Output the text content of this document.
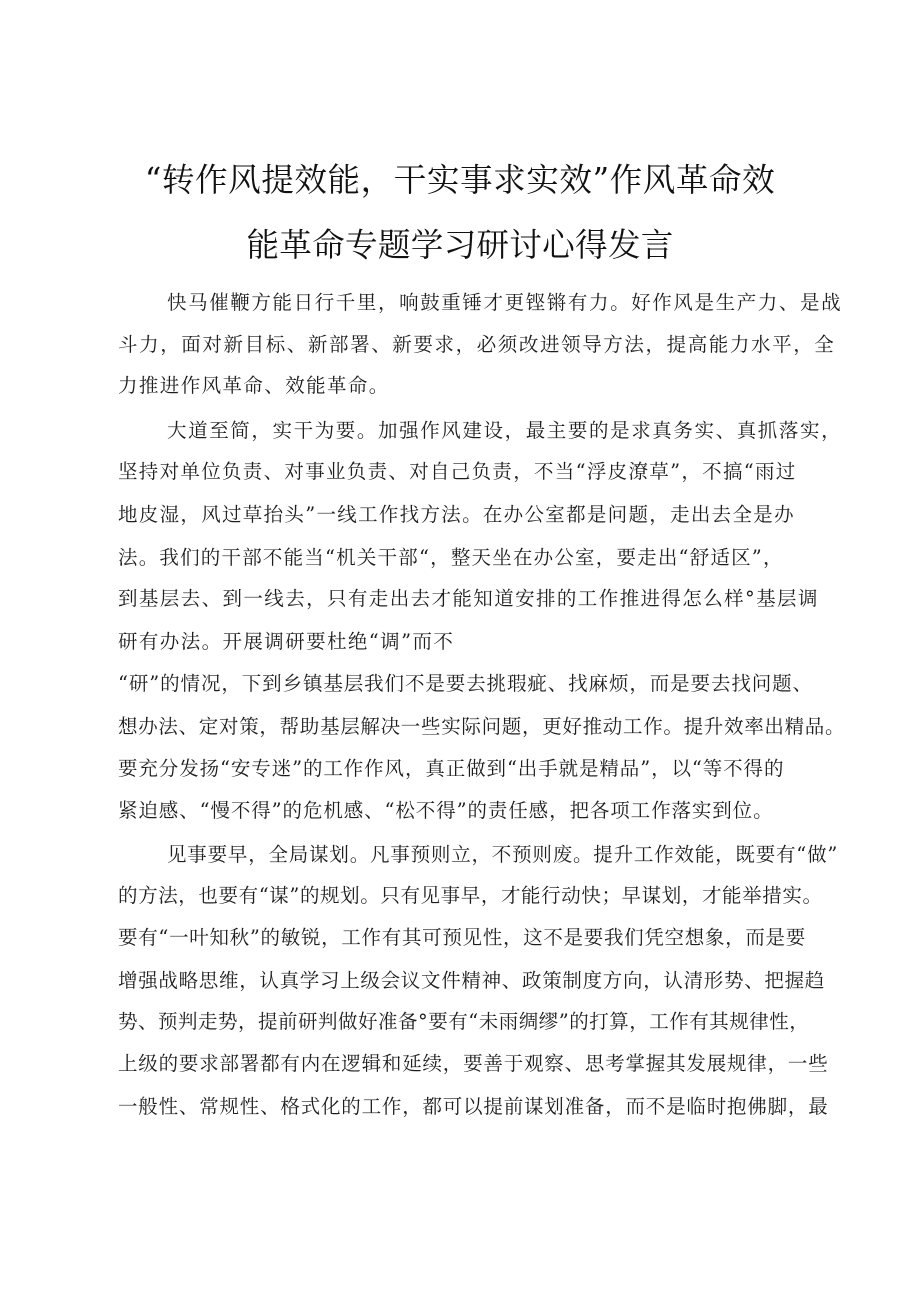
“转作风提效能，干实事求实效”作风革命效
能革命专题学习研讨心得发言
快马催鞭方能日行千里，响鼓重锤才更铿锵有力。好作风是生产力、是战
斗力，面对新目标、新部署、新要求，必须改进领导方法，提高能力水平，全
力推进作风革命、效能革命。
大道至简，实干为要。加强作风建设，最主要的是求真务实、真抓落实，
坚持对单位负责、对事业负责、对自己负责，不当“浮皮潦草”，不搞“雨过
地皮湿，风过草抬头”一线工作找方法。在办公室都是问题，走出去全是办
法。我们的干部不能当“机关干部“，整天坐在办公室，要走出“舒适区”，
到基层去、到一线去，只有走出去才能知道安排的工作推进得怎么样°基层调
研有办法。开展调研要杜绝“调”而不
“研”的情况，下到乡镇基层我们不是要去挑瑕疵、找麻烦，而是要去找问题、
想办法、定对策，帮助基层解决一些实际问题，更好推动工作。提升效率出精品。
要充分发扬“安专迷”的工作作风，真正做到“出手就是精品”，以“等不得的
紧迫感、“慢不得”的危机感、“松不得”的责任感，把各项工作落实到位。
见事要早，全局谋划。凡事预则立，不预则废。提升工作效能，既要有“做”
的方法，也要有“谋”的规划。只有见事早，才能行动快；早谋划，才能举措实。
要有“一叶知秋”的敏锐，工作有其可预见性，这不是要我们凭空想象，而是要
增强战略思维，认真学习上级会议文件精神、政策制度方向，认清形势、把握趋
势、预判走势，提前研判做好准备°要有“未雨绸缪”的打算，工作有其规律性，
上级的要求部署都有内在逻辑和延续，要善于观察、思考掌握其发展规律，一些
一般性、常规性、格式化的工作，都可以提前谋划准备，而不是临时抱佛脚，最
